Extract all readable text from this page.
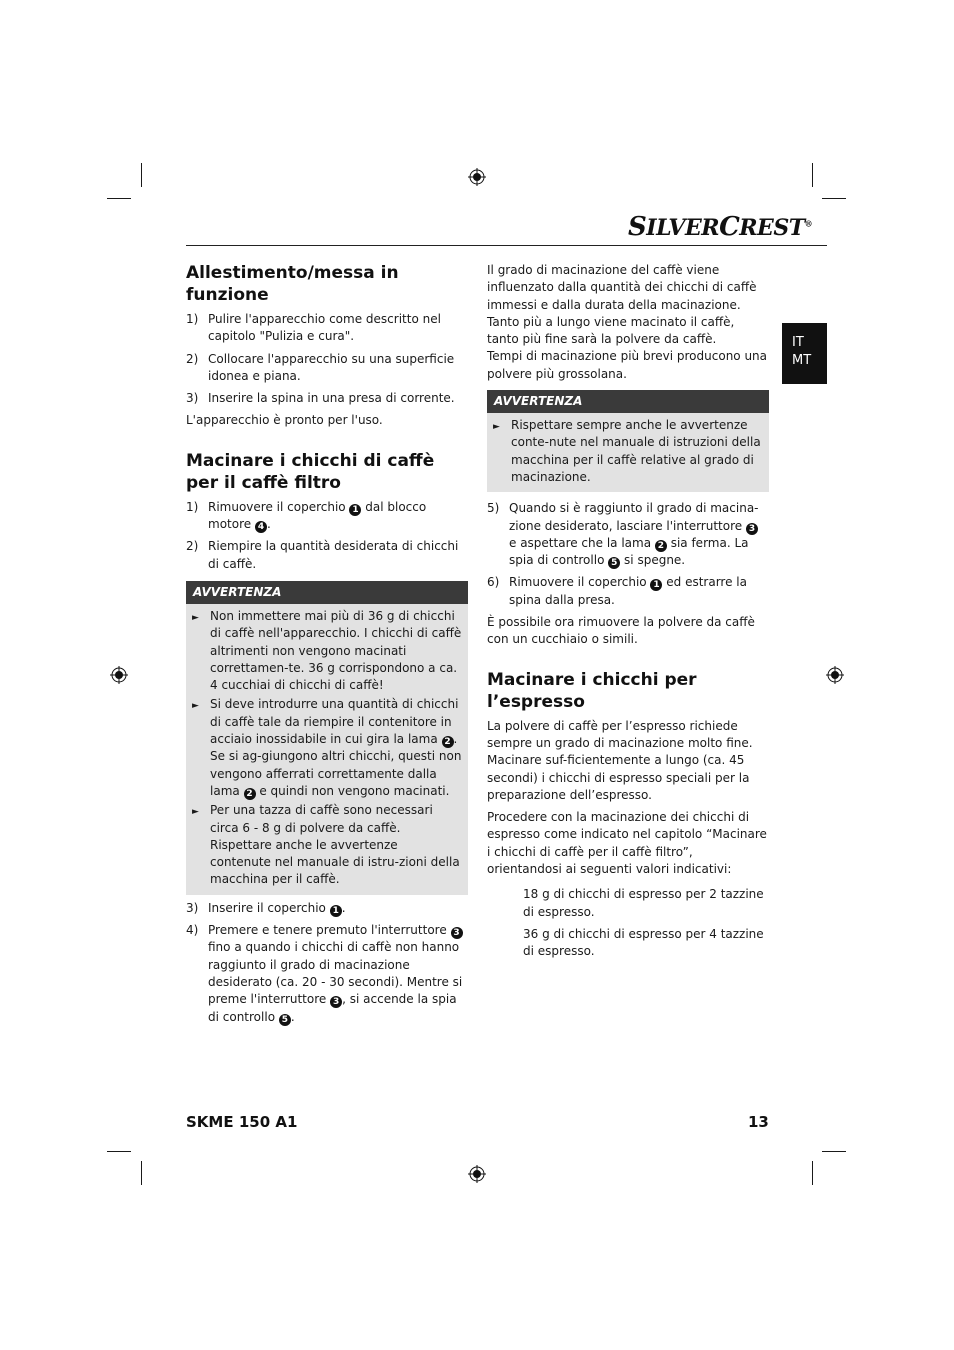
SILVERCREST®
IT
MT
Allestimento/messa in funzione
1) Pulire l'apparecchio come descritto nel capitolo "Pulizia e cura".
2) Collocare l'apparecchio su una superficie idonea e piana.
3) Inserire la spina in una presa di corrente.

L'apparecchio è pronto per l'uso.

Macinare i chicchi di caffè per il caffè filtro
1) Rimuovere il coperchio 1 dal blocco motore 4 .
2) Riempire la quantità desiderata di chicchi di caffè.
AVVERTENZA
► Non immettere mai più di 36 g di chicchi di caffè nell'apparecchio. I chicchi di caffè altrimenti non vengono macinati correttamen-te. 36 g corrispondono a ca. 4 cucchiai di chicchi di caffè!
► Si deve introdurre una quantità di chicchi di caffè tale da riempire il contenitore in acciaio inossidabile in cui gira la lama 2 . Se si ag-giungono altri chicchi, questi non vengono afferrati correttamente dalla lama 2 e quindi non vengono macinati.
► Per una tazza di caffè sono necessari circa 6 - 8 g di polvere da caffè. Rispettare anche le avvertenze contenute nel manuale di istru-zioni della macchina per il caffè.
3) Inserire il coperchio 1 .
4) Premere e tenere premuto l'interruttore 3 fino a quando i chicchi di caffè non hanno raggiunto il grado di macinazione desiderato (ca. 20 - 30 secondi). Mentre si preme l'interruttore 3 , si accende la spia di controllo 5 .

Il grado di macinazione del caffè viene influenzato dalla quantità dei chicchi di caffè immessi e dalla durata della macinazione.

Tanto più a lungo viene macinato il caffè, tanto più fine sarà la polvere da caffè.

Tempi di macinazione più brevi producono una polvere più grossolana.

AVVERTENZA
► Rispettare sempre anche le avvertenze conte-nute nel manuale di istruzioni della macchina per il caffè relative al grado di macinazione.
5) Quando si è raggiunto il grado di macina-zione desiderato, lasciare l'interruttore 3 e aspettare che la lama 2 sia ferma. La spia di controllo 5 si spegne.
6) Rimuovere il coperchio 1 ed estrarre la spina dalla presa.

È possibile ora rimuovere la polvere da caffè con un cucchiaio o simili.

Macinare i chicchi per l’espresso

La polvere di caffè per l’espresso richiede sempre un grado di macinazione molto fine. Macinare suf-ficientemente a lungo (ca. 45 secondi) i chicchi di espresso speciali per la preparazione dell’espresso.

Procedere con la macinazione dei chicchi di espresso come indicato nel capitolo “Macinare i chicchi di caffè per il caffè filtro”, orientandosi ai seguenti valori indicativi:

18 g di chicchi di espresso per 2 tazzine di espresso.

36 g di chicchi di espresso per 4 tazzine di espresso.

SKME 150 A1	13
